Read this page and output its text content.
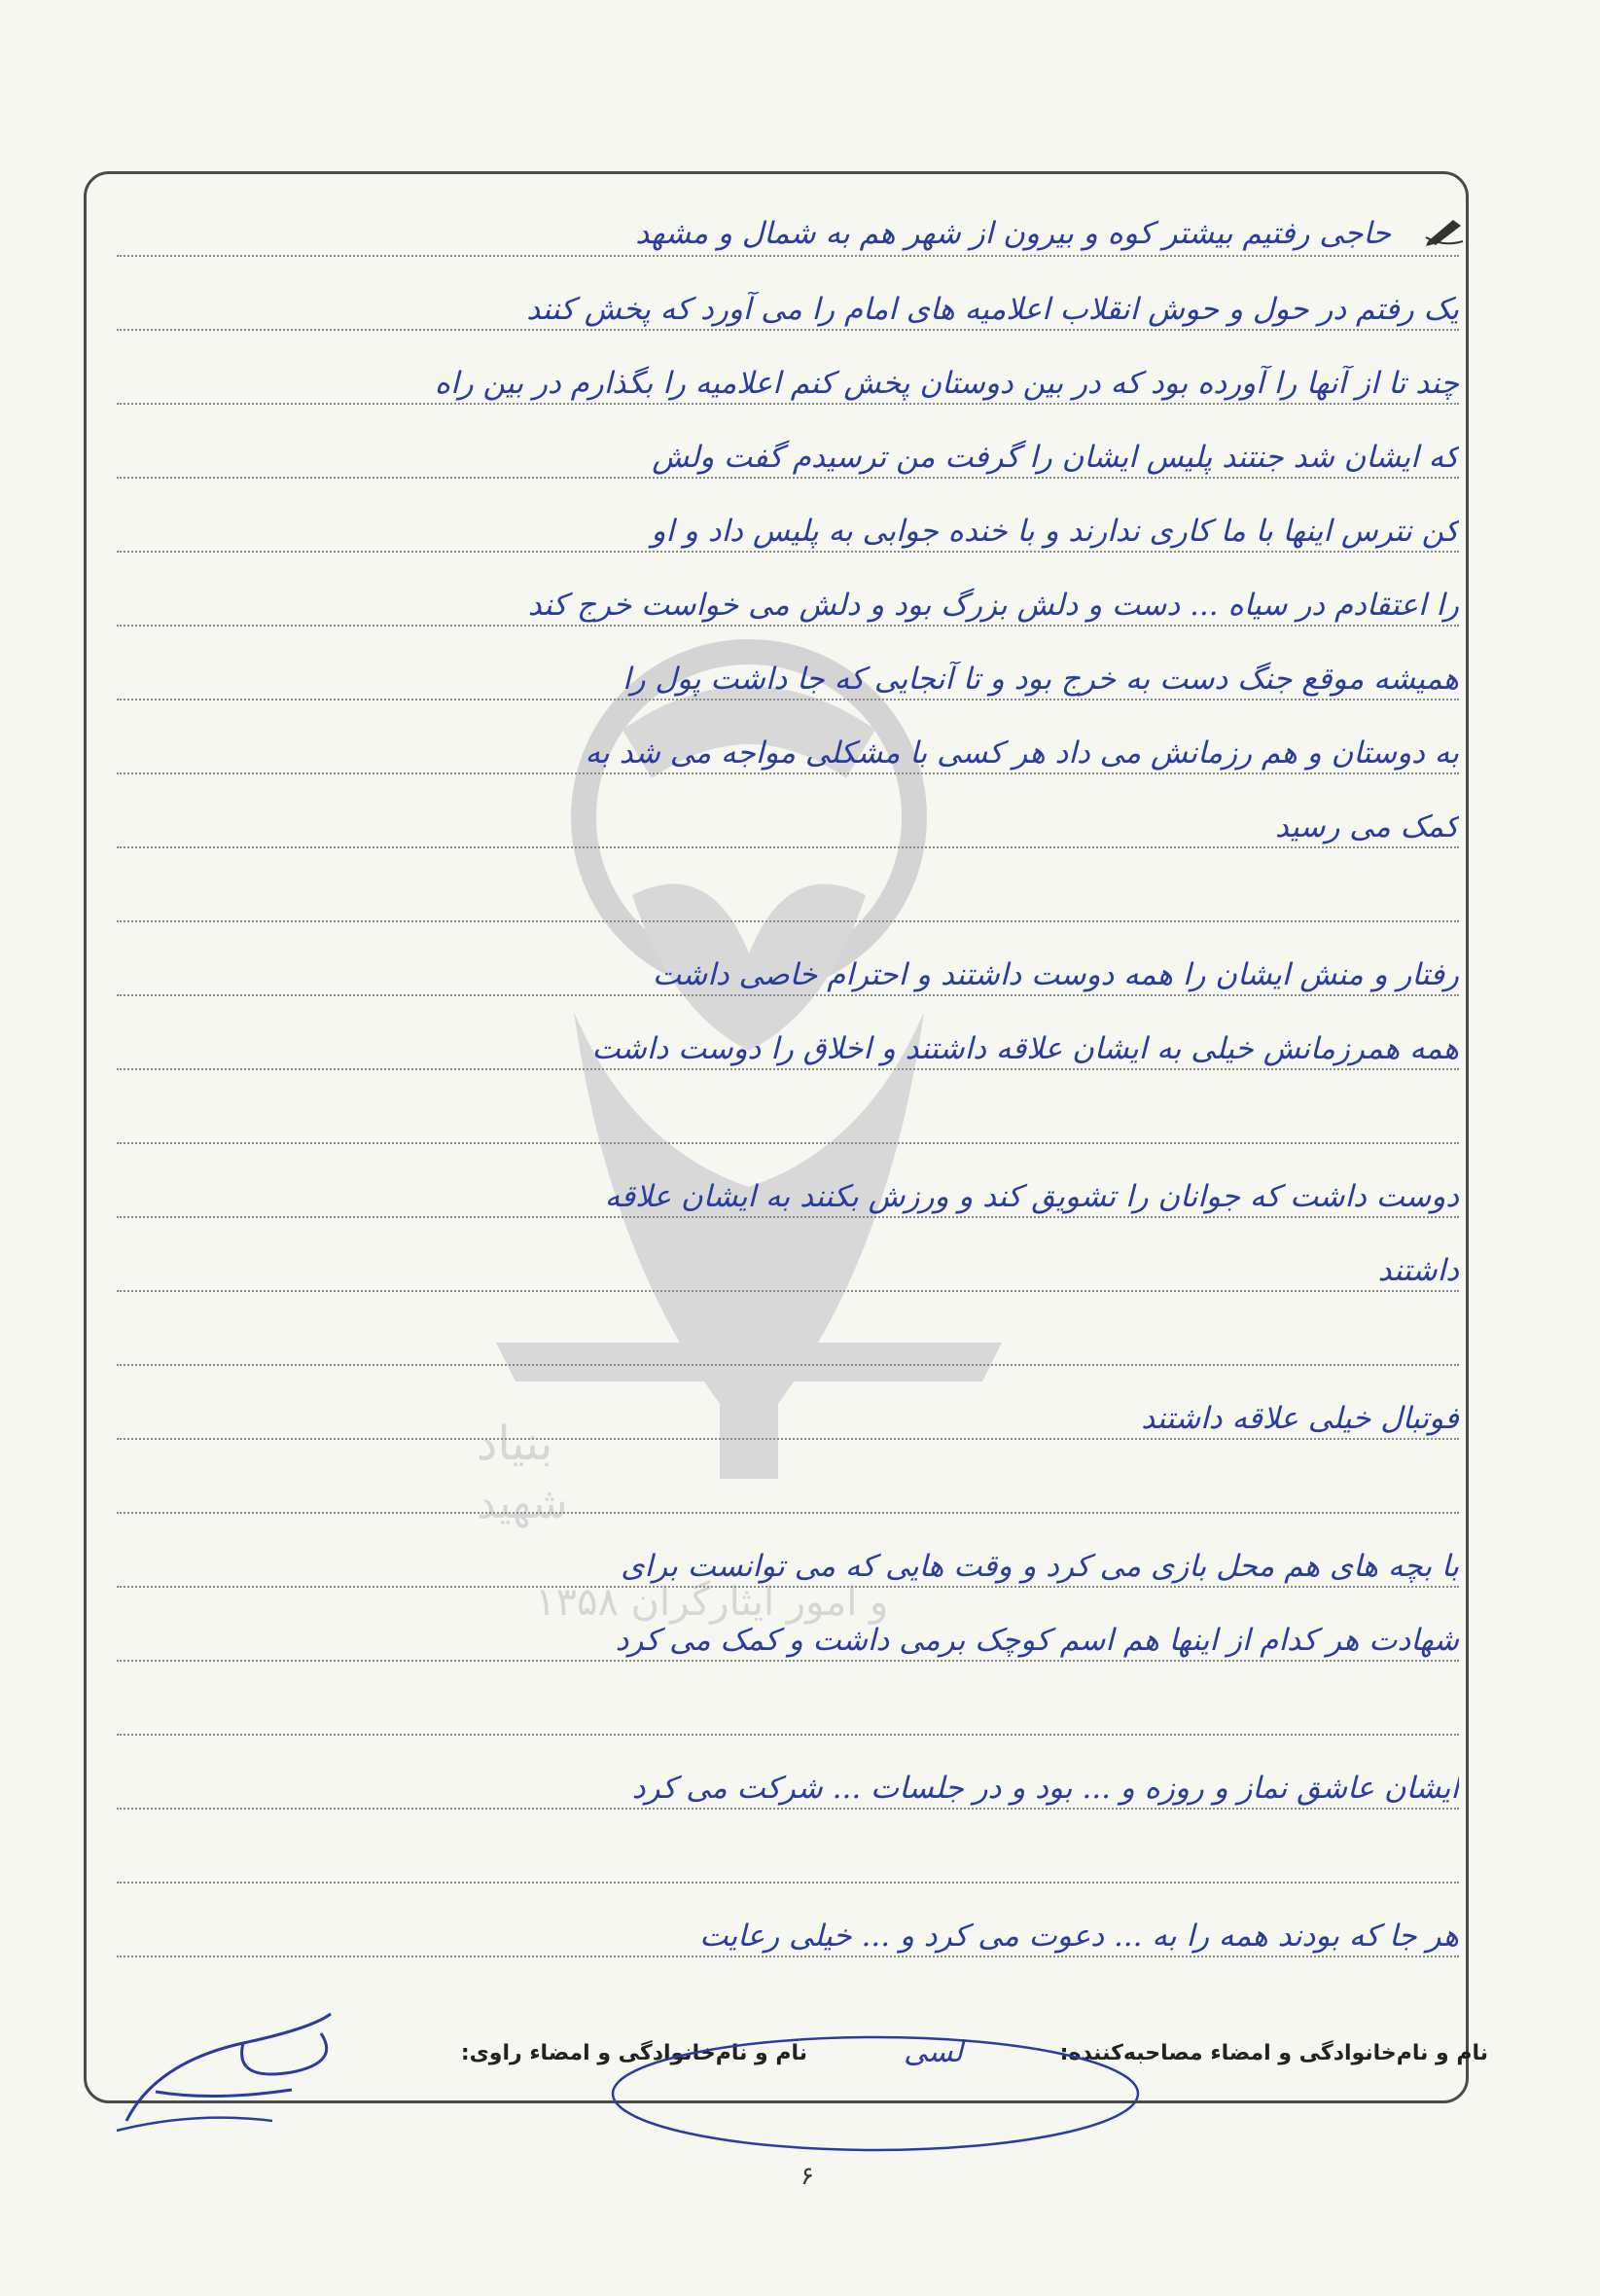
بنیاد
شهید
۱۳۵۸ و امور ایثارگران
حاجی رفتیم بیشتر کوه و بیرون از شهر هم به شمال و مشهد
یک رفتم در حول و حوش انقلاب اعلامیه های امام را می آورد که پخش کنند
چند تا از آنها را آورده بود که در بین دوستان پخش کنم اعلامیه را بگذارم در بین راه
که ایشان شد جنتند پلیس ایشان را گرفت من ترسیدم گفت ولش
کن نترس اینها با ما کاری ندارند و با خنده جوابی به پلیس داد و او
را اعتقادم در سیاه ... دست و دلش بزرگ بود و دلش می خواست خرج کند
همیشه موقع جنگ دست به خرج بود و تا آنجایی که جا داشت پول را
به دوستان و هم رزمانش می داد هر کسی با مشکلی مواجه می شد به
کمک می رسید
رفتار و منش ایشان را همه دوست داشتند و احترام خاصی داشت
همه همرزمانش خیلی به ایشان علاقه داشتند و اخلاق را دوست داشت
دوست داشت که جوانان را تشویق کند و ورزش بکنند به ایشان علاقه
داشتند
فوتبال خیلی علاقه داشتند
با بچه های هم محل بازی می کرد و وقت هایی که می توانست برای
شهادت هر کدام از اینها هم اسم کوچک برمی داشت و کمک می کرد
ایشان عاشق نماز و روزه و ... بود و در جلسات ... شرکت می کرد
هر جا که بودند همه را به ... دعوت می کرد و ... خیلی رعایت
نام و نام‌خانوادگی و امضاء مصاحبه‌کننده:
لسی
نام و نام‌خانوادگی و امضاء راوی:
۶
